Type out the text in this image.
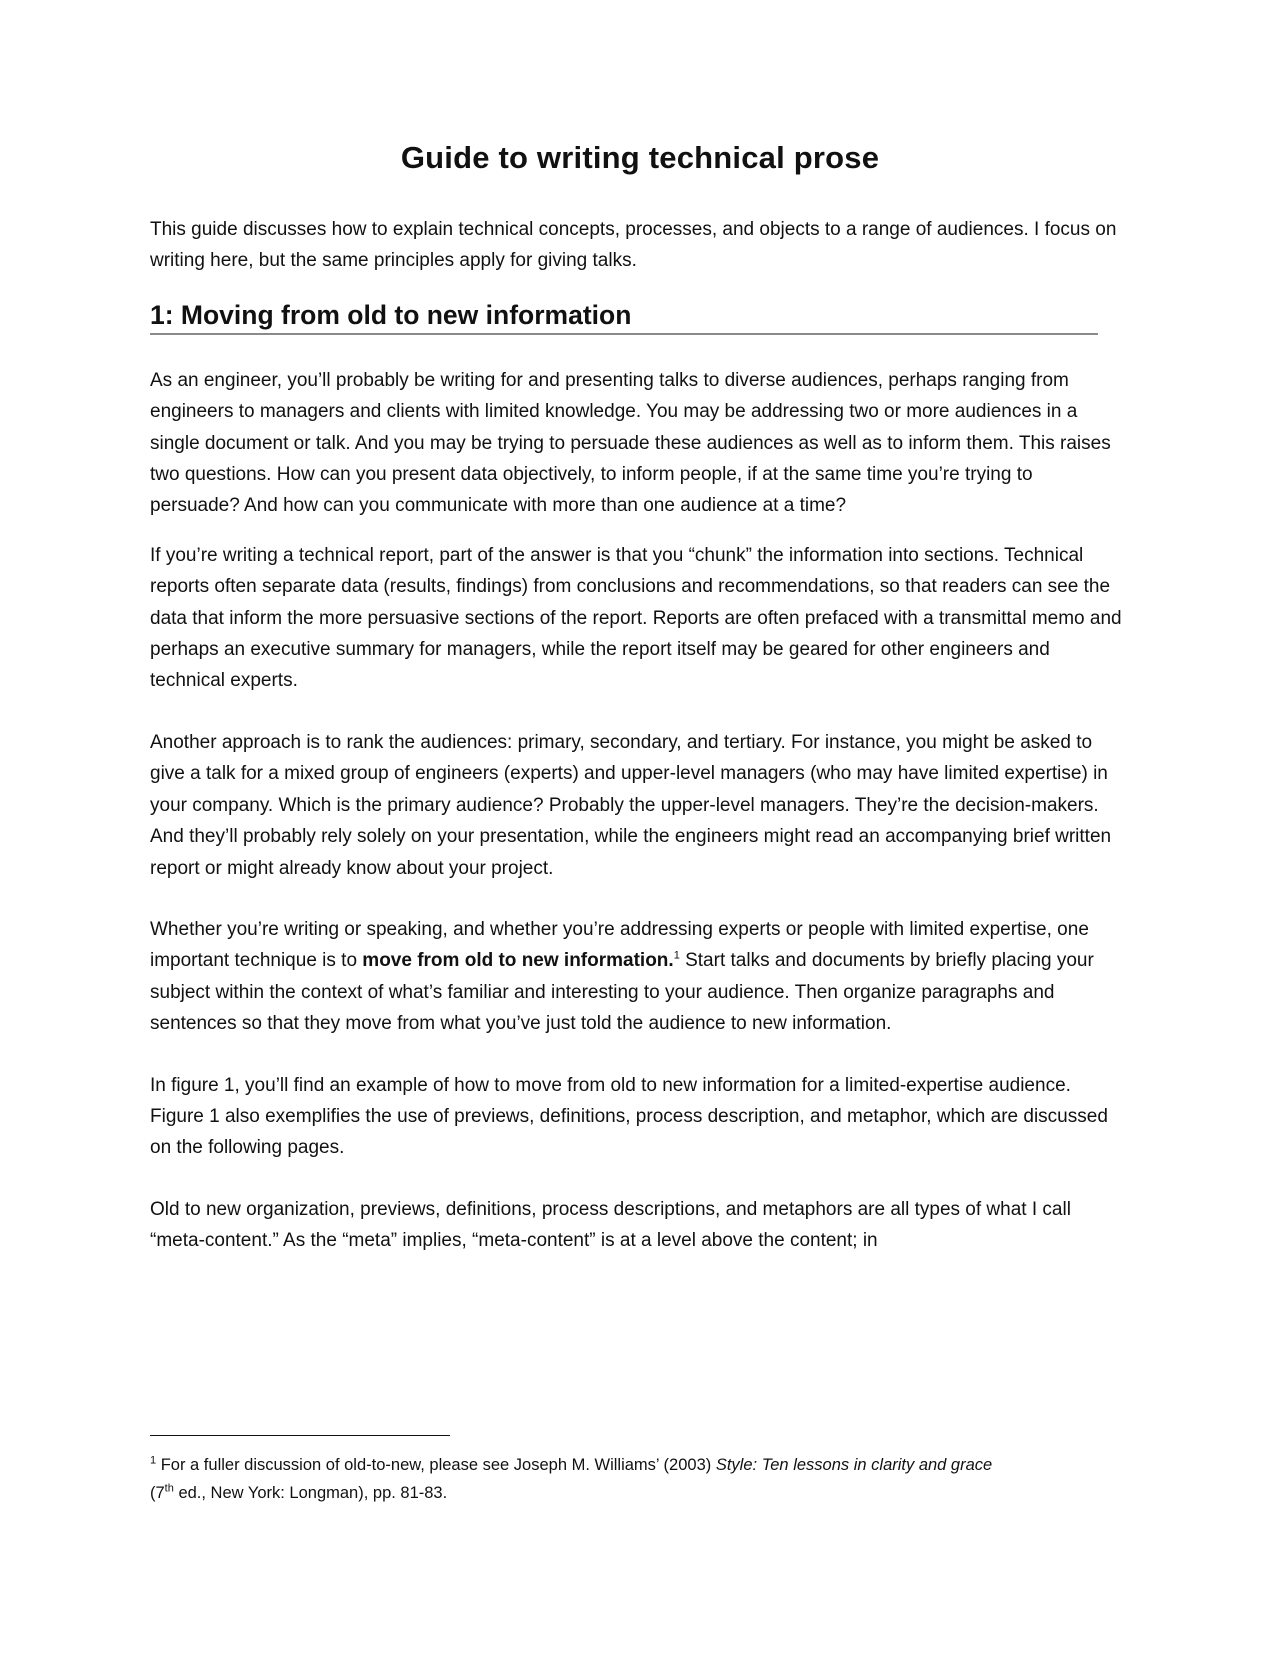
Guide to writing technical prose

This guide discusses how to explain technical concepts, processes, and objects to a range of audiences. I focus on writing here, but the same principles apply for giving talks.

1: Moving from old to new information

As an engineer, you’ll probably be writing for and presenting talks to diverse audiences, perhaps ranging from engineers to managers and clients with limited knowledge. You may be addressing two or more audiences in a single document or talk. And you may be trying to persuade these audiences as well as to inform them. This raises two questions. How can you present data objectively, to inform people, if at the same time you’re trying to persuade? And how can you communicate with more than one audience at a time?

If you’re writing a technical report, part of the answer is that you “chunk” the information into sections. Technical reports often separate data (results, findings) from conclusions and recommendations, so that readers can see the data that inform the more persuasive sections of the report. Reports are often prefaced with a transmittal memo and perhaps an executive summary for managers, while the report itself may be geared for other engineers and technical experts.

Another approach is to rank the audiences: primary, secondary, and tertiary. For instance, you might be asked to give a talk for a mixed group of engineers (experts) and upper-level managers (who may have limited expertise) in your company. Which is the primary audience? Probably the upper-level managers. They’re the decision-makers. And they’ll probably rely solely on your presentation, while the engineers might read an accompanying brief written report or might already know about your project.

Whether you’re writing or speaking, and whether you’re addressing experts or people with limited expertise, one important technique is to move from old to new information.$^1$ Start talks and documents by briefly placing your subject within the context of what’s familiar and interesting to your audience. Then organize paragraphs and sentences so that they move from what you’ve just told the audience to new information.

In figure 1, you’ll find an example of how to move from old to new information for a limited-expertise audience. Figure 1 also exemplifies the use of previews, definitions, process description, and metaphor, which are discussed on the following pages.

Old to new organization, previews, definitions, process descriptions, and metaphors are all types of what I call “meta-content.” As the “meta” implies, “meta-content” is at a level above the content; in

$^1$ For a fuller discussion of old-to-new, please see Joseph M. Williams’ (2003) Style: Ten lessons in clarity and grace
(7th ed., New York: Longman), pp. 81-83.
